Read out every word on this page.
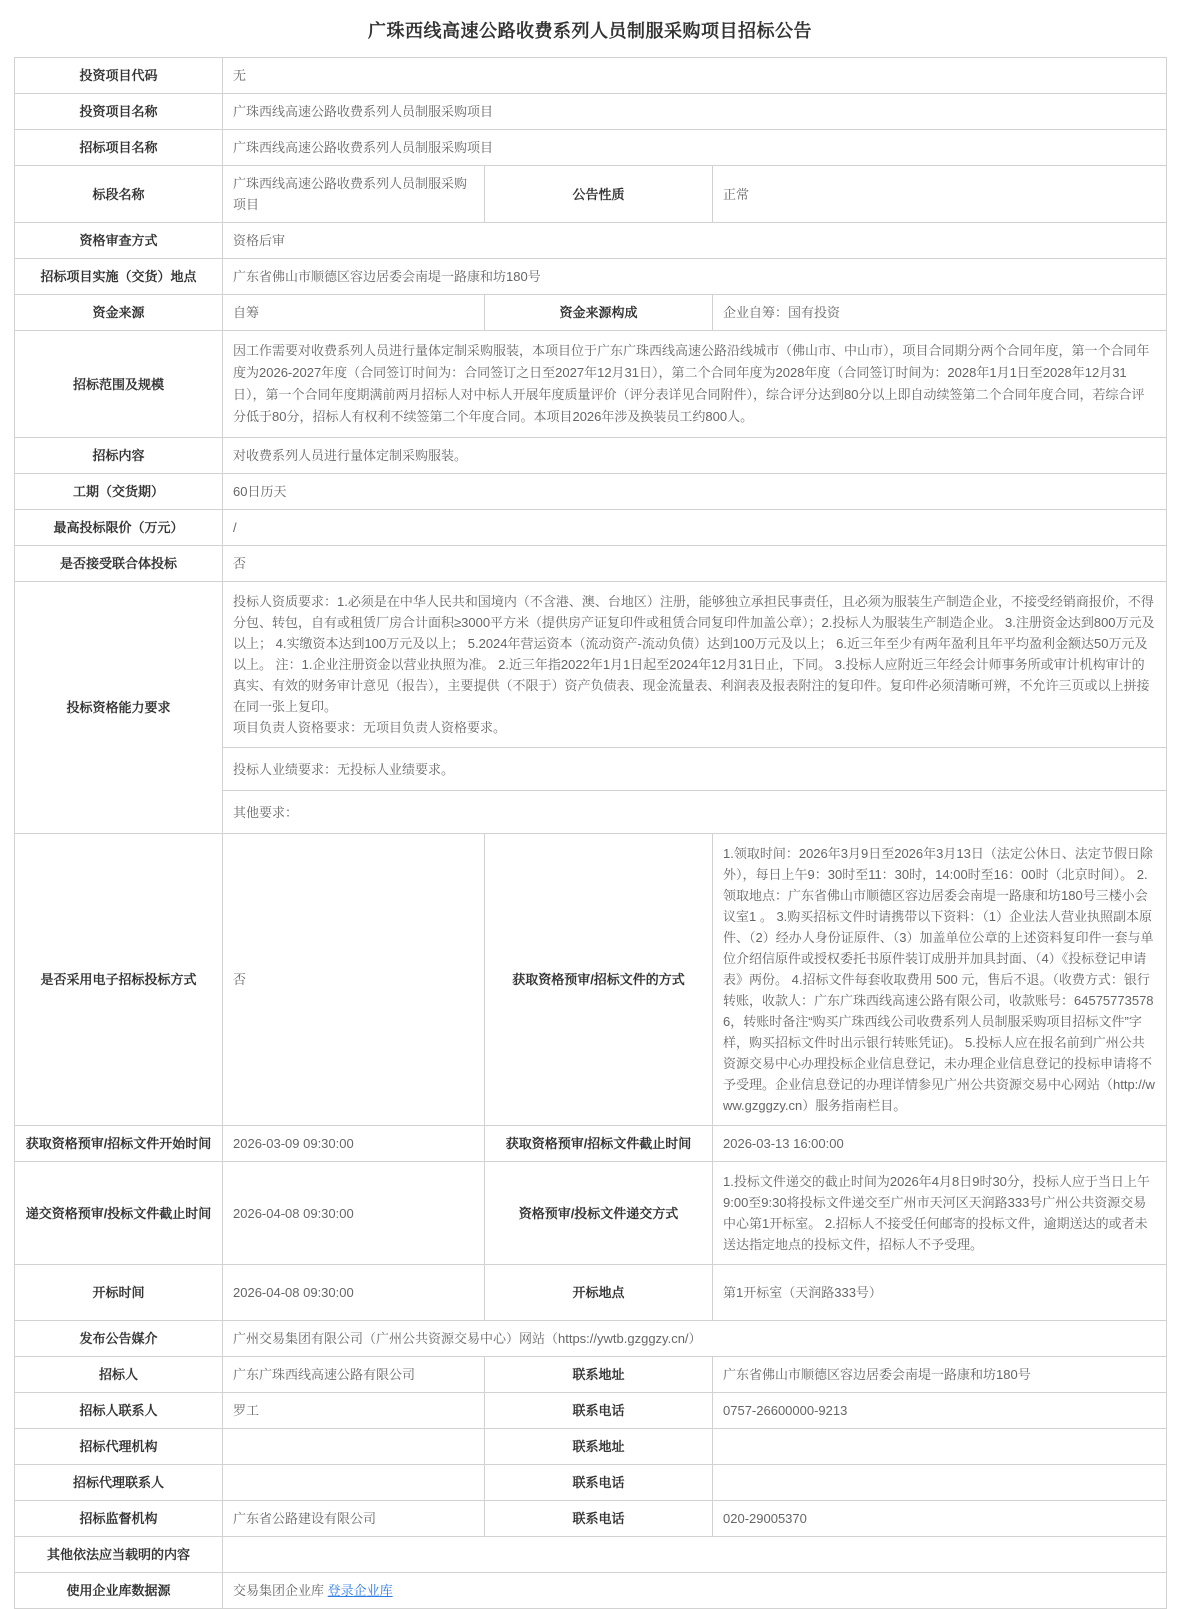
广珠西线高速公路收费系列人员制服采购项目招标公告
投资项目代码	无		
投资项目名称	广珠西线高速公路收费系列人员制服采购项目		
招标项目名称	广珠西线高速公路收费系列人员制服采购项目		
标段名称	广珠西线高速公路收费系列人员制服采购项目	公告性质	正常
资格审查方式	资格后审		
招标项目实施（交货）地点	广东省佛山市顺德区容边居委会南堤一路康和坊180号		
资金来源	自筹	资金来源构成	企业自筹：国有投资
招标范围及规模	因工作需要对收费系列人员进行量体定制采购服装，本项目位于广东广珠西线高速公路沿线城市（佛山市、中山市），项目合同期分两个合同年度，第一个合同年度为2026-2027年度（合同签订时间为：合同签订之日至2027年12月31日），第二个合同年度为2028年度（合同签订时间为：2028年1月1日至2028年12月31日），第一个合同年度期满前两月招标人对中标人开展年度质量评价（评分表详见合同附件），综合评分达到80分以上即自动续签第二个合同年度合同，若综合评分低于80分，招标人有权利不续签第二个年度合同。本项目2026年涉及换装员工约800人。		
招标内容	对收费系列人员进行量体定制采购服装。		
工期（交货期）	60日历天		
最高投标限价（万元）	/		
是否接受联合体投标	否		
投标资格能力要求	投标人资质要求：1.必须是在中华人民共和国境内（不含港、澳、台地区）注册，能够独立承担民事责任，且必须为服装生产制造企业，不接受经销商报价，不得分包、转包，自有或租赁厂房合计面积≥3000平方米（提供房产证复印件或租赁合同复印件加盖公章）；2.投标人为服装生产制造企业。 3.注册资金达到800万元及以上； 4.实缴资本达到100万元及以上； 5.2024年营运资本（流动资产-流动负债）达到100万元及以上； 6.近三年至少有两年盈利且年平均盈利金额达50万元及以上。 注：1.企业注册资金以营业执照为准。 2.近三年指2022年1月1日起至2024年12月31日止，下同。 3.投标人应附近三年经会计师事务所或审计机构审计的真实、有效的财务审计意见（报告），主要提供（不限于）资产负债表、现金流量表、利润表及报表附注的复印件。复印件必须清晰可辨，不允许三页或以上拼接在同一张上复印。

项目负责人资格要求：无项目负责人资格要求。		

	投标人业绩要求：无投标人业绩要求。		
	其他要求：		
是否采用电子招标投标方式	否	获取资格预审/招标文件的方式	1.领取时间：2026年3月9日至2026年3月13日（法定公休日、法定节假日除外），每日上午9：30时至11：30时，14:00时至16：00时（北京时间）。 2.领取地点：广东省佛山市顺德区容边居委会南堤一路康和坊180号三楼小会议室1 。 3.购买招标文件时请携带以下资料：（1）企业法人营业执照副本原件、（2）经办人身份证原件、（3）加盖单位公章的上述资料复印件一套与单位介绍信原件或授权委托书原件装订成册并加具封面、（4）《投标登记申请表》两份。 4.招标文件每套收取费用 500 元，售后不退。（收费方式：银行转账，收款人：广东广珠西线高速公路有限公司，收款账号：645757735786，转账时备注“购买广珠西线公司收费系列人员制服采购项目招标文件”字样，购买招标文件时出示银行转账凭证)。 5.投标人应在报名前到广州公共资源交易中心办理投标企业信息登记，未办理企业信息登记的投标申请将不予受理。企业信息登记的办理详情参见广州公共资源交易中心网站（http://www.gzggzy.cn）服务指南栏目。
获取资格预审/招标文件开始时间	2026-03-09 09:30:00	获取资格预审/招标文件截止时间	2026-03-13 16:00:00
递交资格预审/投标文件截止时间	2026-04-08 09:30:00	资格预审/投标文件递交方式	1.投标文件递交的截止时间为2026年4月8日9时30分，投标人应于当日上午 9:00至9:30将投标文件递交至广州市天河区天润路333号广州公共资源交易中心第1开标室。 2.招标人不接受任何邮寄的投标文件，逾期送达的或者未送达指定地点的投标文件，招标人不予受理。
开标时间	2026-04-08 09:30:00	开标地点	第1开标室（天润路333号）
发布公告媒介	广州交易集团有限公司（广州公共资源交易中心）网站（https://ywtb.gzggzy.cn/）		
招标人	广东广珠西线高速公路有限公司	联系地址	广东省佛山市顺德区容边居委会南堤一路康和坊180号
招标人联系人	罗工	联系电话	0757-26600000-9213
招标代理机构		联系地址	
招标代理联系人		联系电话	
招标监督机构	广东省公路建设有限公司	联系电话	020-29005370
其他依法应当载明的内容			
使用企业库数据源	交易集团企业库 登录企业库		
